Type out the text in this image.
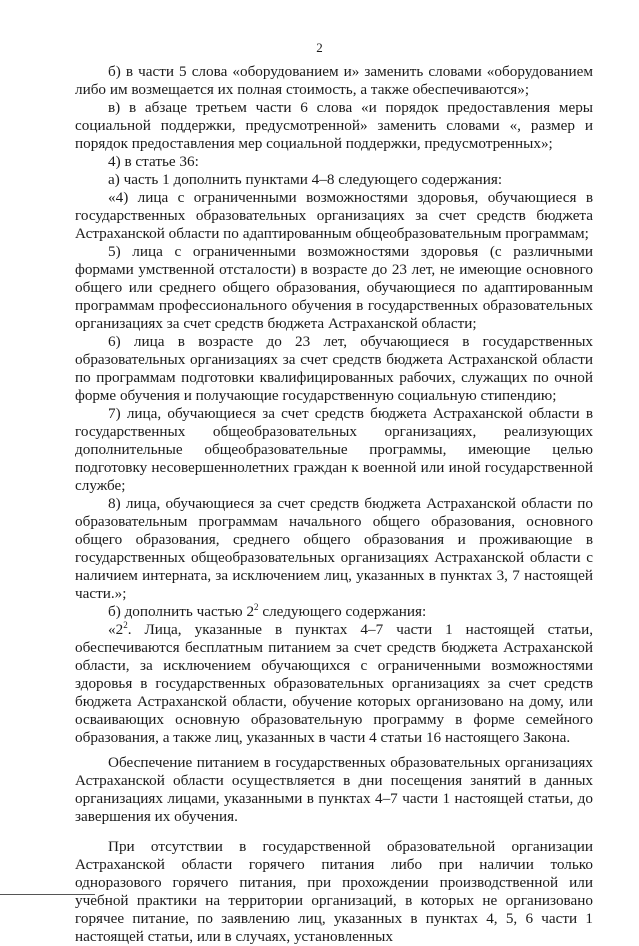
2

б) в части 5 слова «оборудованием и» заменить словами «оборудованием либо им возмещается их полная стоимость, а также обеспечиваются»;

в) в абзаце третьем части 6 слова «и порядок предоставления меры социальной поддержки, предусмотренной» заменить словами «, размер и порядок предоставления мер социальной поддержки, предусмотренных»;

4) в статье 36:

а) часть 1 дополнить пунктами 4–8 следующего содержания:

«4) лица с ограниченными возможностями здоровья, обучающиеся в государственных образовательных организациях за счет средств бюджета Астраханской области по адаптированным общеобразовательным программам;

5) лица с ограниченными возможностями здоровья (с различными формами умственной отсталости) в возрасте до 23 лет, не имеющие основного общего или среднего общего образования, обучающиеся по адаптированным программам профессионального обучения в государственных образовательных организациях за счет средств бюджета Астраханской области;

6) лица в возрасте до 23 лет, обучающиеся в государственных образовательных организациях за счет средств бюджета Астраханской области по программам подготовки квалифицированных рабочих, служащих по очной форме обучения и получающие государственную социальную стипендию;

7) лица, обучающиеся за счет средств бюджета Астраханской области в государственных общеобразовательных организациях, реализующих дополнительные общеобразовательные программы, имеющие целью подготовку несовершеннолетних граждан к военной или иной государственной службе;

8) лица, обучающиеся за счет средств бюджета Астраханской области по образовательным программам начального общего образования, основного общего образования, среднего общего образования и проживающие в государственных общеобразовательных организациях Астраханской области с наличием интерната, за исключением лиц, указанных в пунктах 3, 7 настоящей части.»;

б) дополнить частью $2^2$ следующего содержания:

«$2^2$. Лица, указанные в пунктах 4–7 части 1 настоящей статьи, обеспечиваются бесплатным питанием за счет средств бюджета Астраханской области, за исключением обучающихся с ограниченными возможностями здоровья в государственных образовательных организациях за счет средств бюджета Астраханской области, обучение которых организовано на дому, или осваивающих основную образовательную программу в форме семейного образования, а также лиц, указанных в части 4 статьи 16 настоящего Закона.

Обеспечение питанием в государственных образовательных организациях Астраханской области осуществляется в дни посещения занятий в данных организациях лицами, указанными в пунктах 4–7 части 1 настоящей статьи, до завершения их обучения.

При отсутствии в государственной образовательной организации Астраханской области горячего питания либо при наличии только одноразового горячего питания, при прохождении производственной или учебной практики на территории организаций, в которых не организовано горячее питание, по заявлению лиц, указанных в пунктах 4, 5, 6 части 1 настоящей статьи, или в случаях, установленных
